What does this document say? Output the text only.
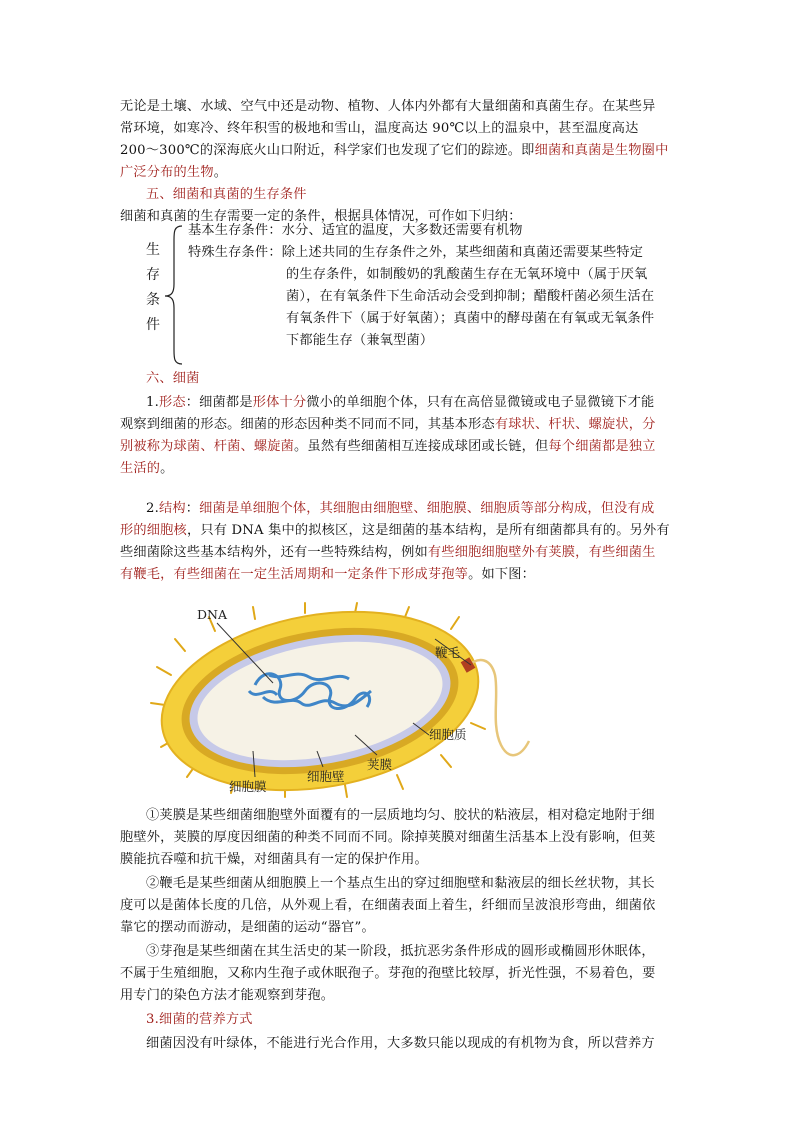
无论是土壤、水域、空气中还是动物、植物、人体内外都有大量细菌和真菌生存。在某些异
常环境，如寒冷、终年积雪的极地和雪山，温度高达 90℃以上的温泉中，甚至温度高达
200～300℃的深海底火山口附近，科学家们也发现了它们的踪迹。即细菌和真菌是生物圈中
广泛分布的生物。
五、细菌和真菌的生存条件
细菌和真菌的生存需要一定的条件，根据具体情况，可作如下归纳：
生
存
条
件
基本生存条件：水分、适宜的温度，大多数还需要有机物
特殊生存条件：除上述共同的生存条件之外，某些细菌和真菌还需要某些特定
的生存条件，如制酸奶的乳酸菌生存在无氧环境中（属于厌氧
菌），在有氧条件下生命活动会受到抑制；醋酸杆菌必须生活在
有氧条件下（属于好氧菌）；真菌中的酵母菌在有氧或无氧条件
下都能生存（兼氧型菌）
六、细菌
1.形态：细菌都是形体十分微小的单细胞个体，只有在高倍显微镜或电子显微镜下才能
观察到细菌的形态。细菌的形态因种类不同而不同，其基本形态有球状、杆状、螺旋状，分
别被称为球菌、杆菌、螺旋菌。虽然有些细菌相互连接成球团或长链，但每个细菌都是独立
生活的。
2.结构：细菌是单细胞个体，其细胞由细胞壁、细胞膜、细胞质等部分构成，但没有成
形的细胞核，只有 DNA 集中的拟核区，这是细菌的基本结构，是所有细菌都具有的。另外有
些细菌除这些基本结构外，还有一些特殊结构，例如有些细胞细胞壁外有荚膜，有些细菌生
有鞭毛，有些细菌在一定生活周期和一定条件下形成芽孢等。如下图：
DNA
鞭毛
细胞质
荚膜
细胞壁
细胞膜
①荚膜是某些细菌细胞壁外面覆有的一层质地均匀、胶状的粘液层，相对稳定地附于细
胞壁外，荚膜的厚度因细菌的种类不同而不同。除掉荚膜对细菌生活基本上没有影响，但荚
膜能抗吞噬和抗干燥，对细菌具有一定的保护作用。
②鞭毛是某些细菌从细胞膜上一个基点生出的穿过细胞壁和黏液层的细长丝状物，其长
度可以是菌体长度的几倍，从外观上看，在细菌表面上着生，纤细而呈波浪形弯曲，细菌依
靠它的摆动而游动，是细菌的运动“器官”。
③芽孢是某些细菌在其生活史的某一阶段，抵抗恶劣条件形成的圆形或椭圆形休眠体，
不属于生殖细胞，又称内生孢子或休眠孢子。芽孢的孢壁比较厚，折光性强，不易着色，要
用专门的染色方法才能观察到芽孢。
3.细菌的营养方式
细菌因没有叶绿体，不能进行光合作用，大多数只能以现成的有机物为食，所以营养方
